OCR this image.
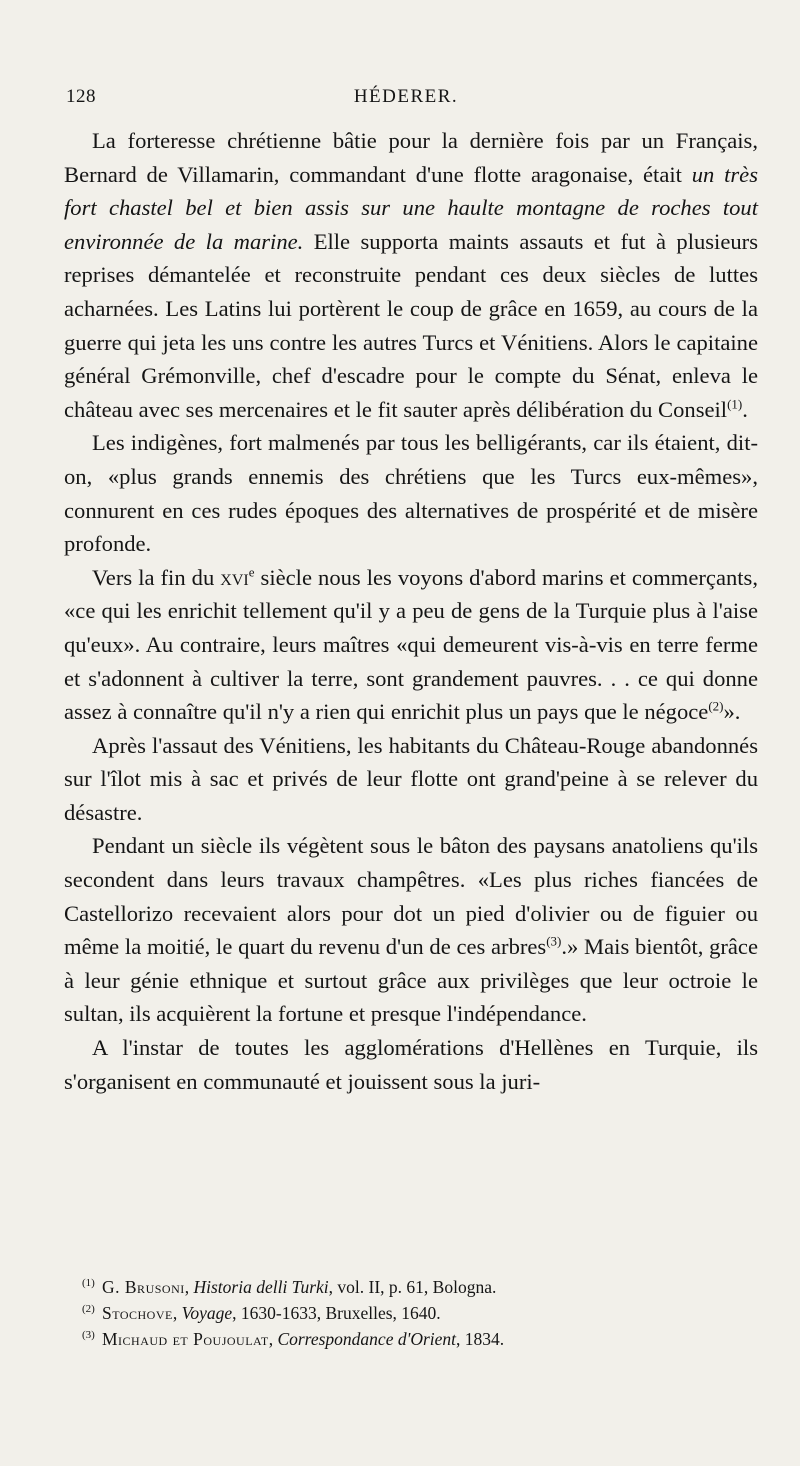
128	HÉDERER.

La forteresse chrétienne bâtie pour la dernière fois par un Français, Bernard de Villamarin, commandant d'une flotte aragonaise, était un très fort chastel bel et bien assis sur une haulte montagne de roches tout environnée de la marine. Elle supporta maints assauts et fut à plusieurs reprises démantelée et reconstruite pendant ces deux siècles de luttes acharnées. Les Latins lui portèrent le coup de grâce en 1659, au cours de la guerre qui jeta les uns contre les autres Turcs et Vénitiens. Alors le capitaine général Grémonville, chef d'escadre pour le compte du Sénat, enleva le château avec ses mercenaires et le fit sauter après délibération du Conseil$^{(1)}$.

Les indigènes, fort malmenés par tous les belligérants, car ils étaient, dit-on, «plus grands ennemis des chrétiens que les Turcs eux-mêmes», connurent en ces rudes époques des alternatives de prospérité et de misère profonde.

Vers la fin du xvi$^e$ siècle nous les voyons d'abord marins et commerçants, «ce qui les enrichit tellement qu'il y a peu de gens de la Turquie plus à l'aise qu'eux». Au contraire, leurs maîtres «qui demeurent vis-à-vis en terre ferme et s'adonnent à cultiver la terre, sont grandement pauvres. . . ce qui donne assez à connaître qu'il n'y a rien qui enrichit plus un pays que le négoce$^{(2)}$».

Après l'assaut des Vénitiens, les habitants du Château-Rouge abandonnés sur l'îlot mis à sac et privés de leur flotte ont grand'peine à se relever du désastre.

Pendant un siècle ils végètent sous le bâton des paysans anatoliens qu'ils secondent dans leurs travaux champêtres. «Les plus riches fiancées de Castellorizo recevaient alors pour dot un pied d'olivier ou de figuier ou même la moitié, le quart du revenu d'un de ces arbres$^{(3)}$.» Mais bientôt, grâce à leur génie ethnique et surtout grâce aux privilèges que leur octroie le sultan, ils acquièrent la fortune et presque l'indépendance.

A l'instar de toutes les agglomérations d'Hellènes en Turquie, ils s'organisent en communauté et jouissent sous la juri-

(1) G. Brusoni, Historia delli Turki, vol. II, p. 61, Bologna.
(2) Stochove, Voyage, 1630-1633, Bruxelles, 1640.
(3) Michaud et Poujoulat, Correspondance d'Orient, 1834.
